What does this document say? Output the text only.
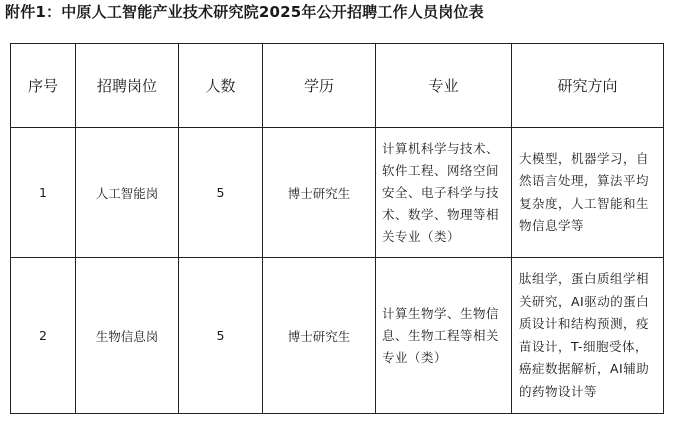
附件1：中原人工智能产业技术研究院2025年公开招聘工作人员岗位表
序号	招聘岗位	人数	学历	专业	研究方向
1	人工智能岗	5	博士研究生	计算机科学与技术、软件工程、网络空间安全、电子科学与技术、数学、物理等相关专业（类）	大模型，机器学习，自然语言处理，算法平均复杂度，人工智能和生物信息学等
2	生物信息岗	5	博士研究生	计算生物学、生物信息、生物工程等相关专业（类）	肽组学，蛋白质组学相关研究，AI驱动的蛋白质设计和结构预测，疫苗设计，T-细胞受体，癌症数据解析，AI辅助的药物设计等
